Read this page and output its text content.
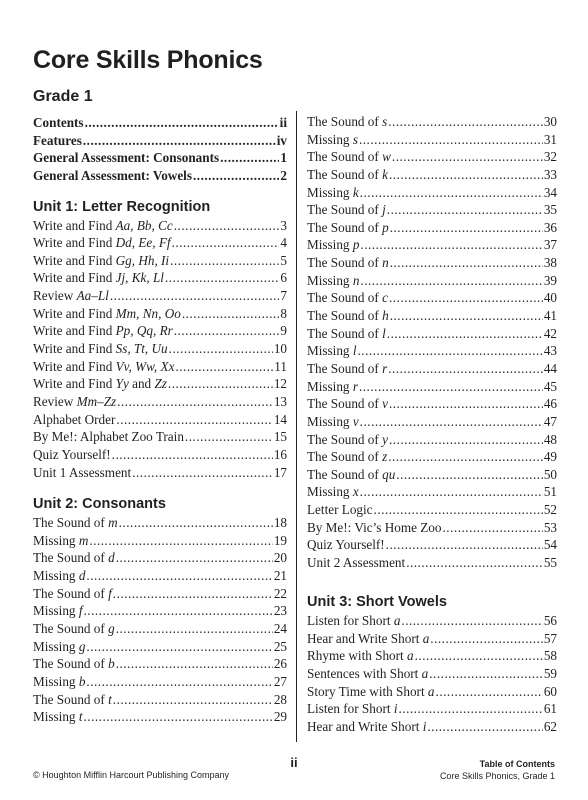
Core Skills Phonics
Grade 1
Contents .....	ii
Features .....	iv
General Assessment: Consonants .....	1
General Assessment: Vowels .....	2
Unit 1: Letter Recognition
Write and Find Aa, Bb, Cc .....	3
Write and Find Dd, Ee, Ff .....	4
Write and Find Gg, Hh, Ii .....	5
Write and Find Jj, Kk, Ll .....	6
Review Aa–Ll .....	7
Write and Find Mm, Nn, Oo .....	8
Write and Find Pp, Qq, Rr .....	9
Write and Find Ss, Tt, Uu .....	10
Write and Find Vv, Ww, Xx .....	11
Write and Find Yy and Zz .....	12
Review Mm–Zz .....	13
Alphabet Order .....	14
By Me!: Alphabet Zoo Train .....	15
Quiz Yourself! .....	16
Unit 1 Assessment .....	17
Unit 2: Consonants
The Sound of m .....	18
Missing m .....	19
The Sound of d .....	20
Missing d .....	21
The Sound of f .....	22
Missing f .....	23
The Sound of g .....	24
Missing g .....	25
The Sound of b .....	26
Missing b .....	27
The Sound of t .....	28
Missing t .....	29
The Sound of s .....	30
Missing s .....	31
The Sound of w .....	32
The Sound of k .....	33
Missing k .....	34
The Sound of j .....	35
The Sound of p .....	36
Missing p .....	37
The Sound of n .....	38
Missing n .....	39
The Sound of c .....	40
The Sound of h .....	41
The Sound of l .....	42
Missing l .....	43
The Sound of r .....	44
Missing r .....	45
The Sound of v .....	46
Missing v .....	47
The Sound of y .....	48
The Sound of z .....	49
The Sound of qu .....	50
Missing x .....	51
Letter Logic .....	52
By Me!: Vic’s Home Zoo .....	53
Quiz Yourself! .....	54
Unit 2 Assessment .....	55
Unit 3: Short Vowels
Listen for Short a .....	56
Hear and Write Short a .....	57
Rhyme with Short a .....	58
Sentences with Short a .....	59
Story Time with Short a .....	60
Listen for Short i .....	61
Hear and Write Short i .....	62
ii
© Houghton Mifflin Harcourt Publishing Company
Table of Contents
Core Skills Phonics, Grade 1
